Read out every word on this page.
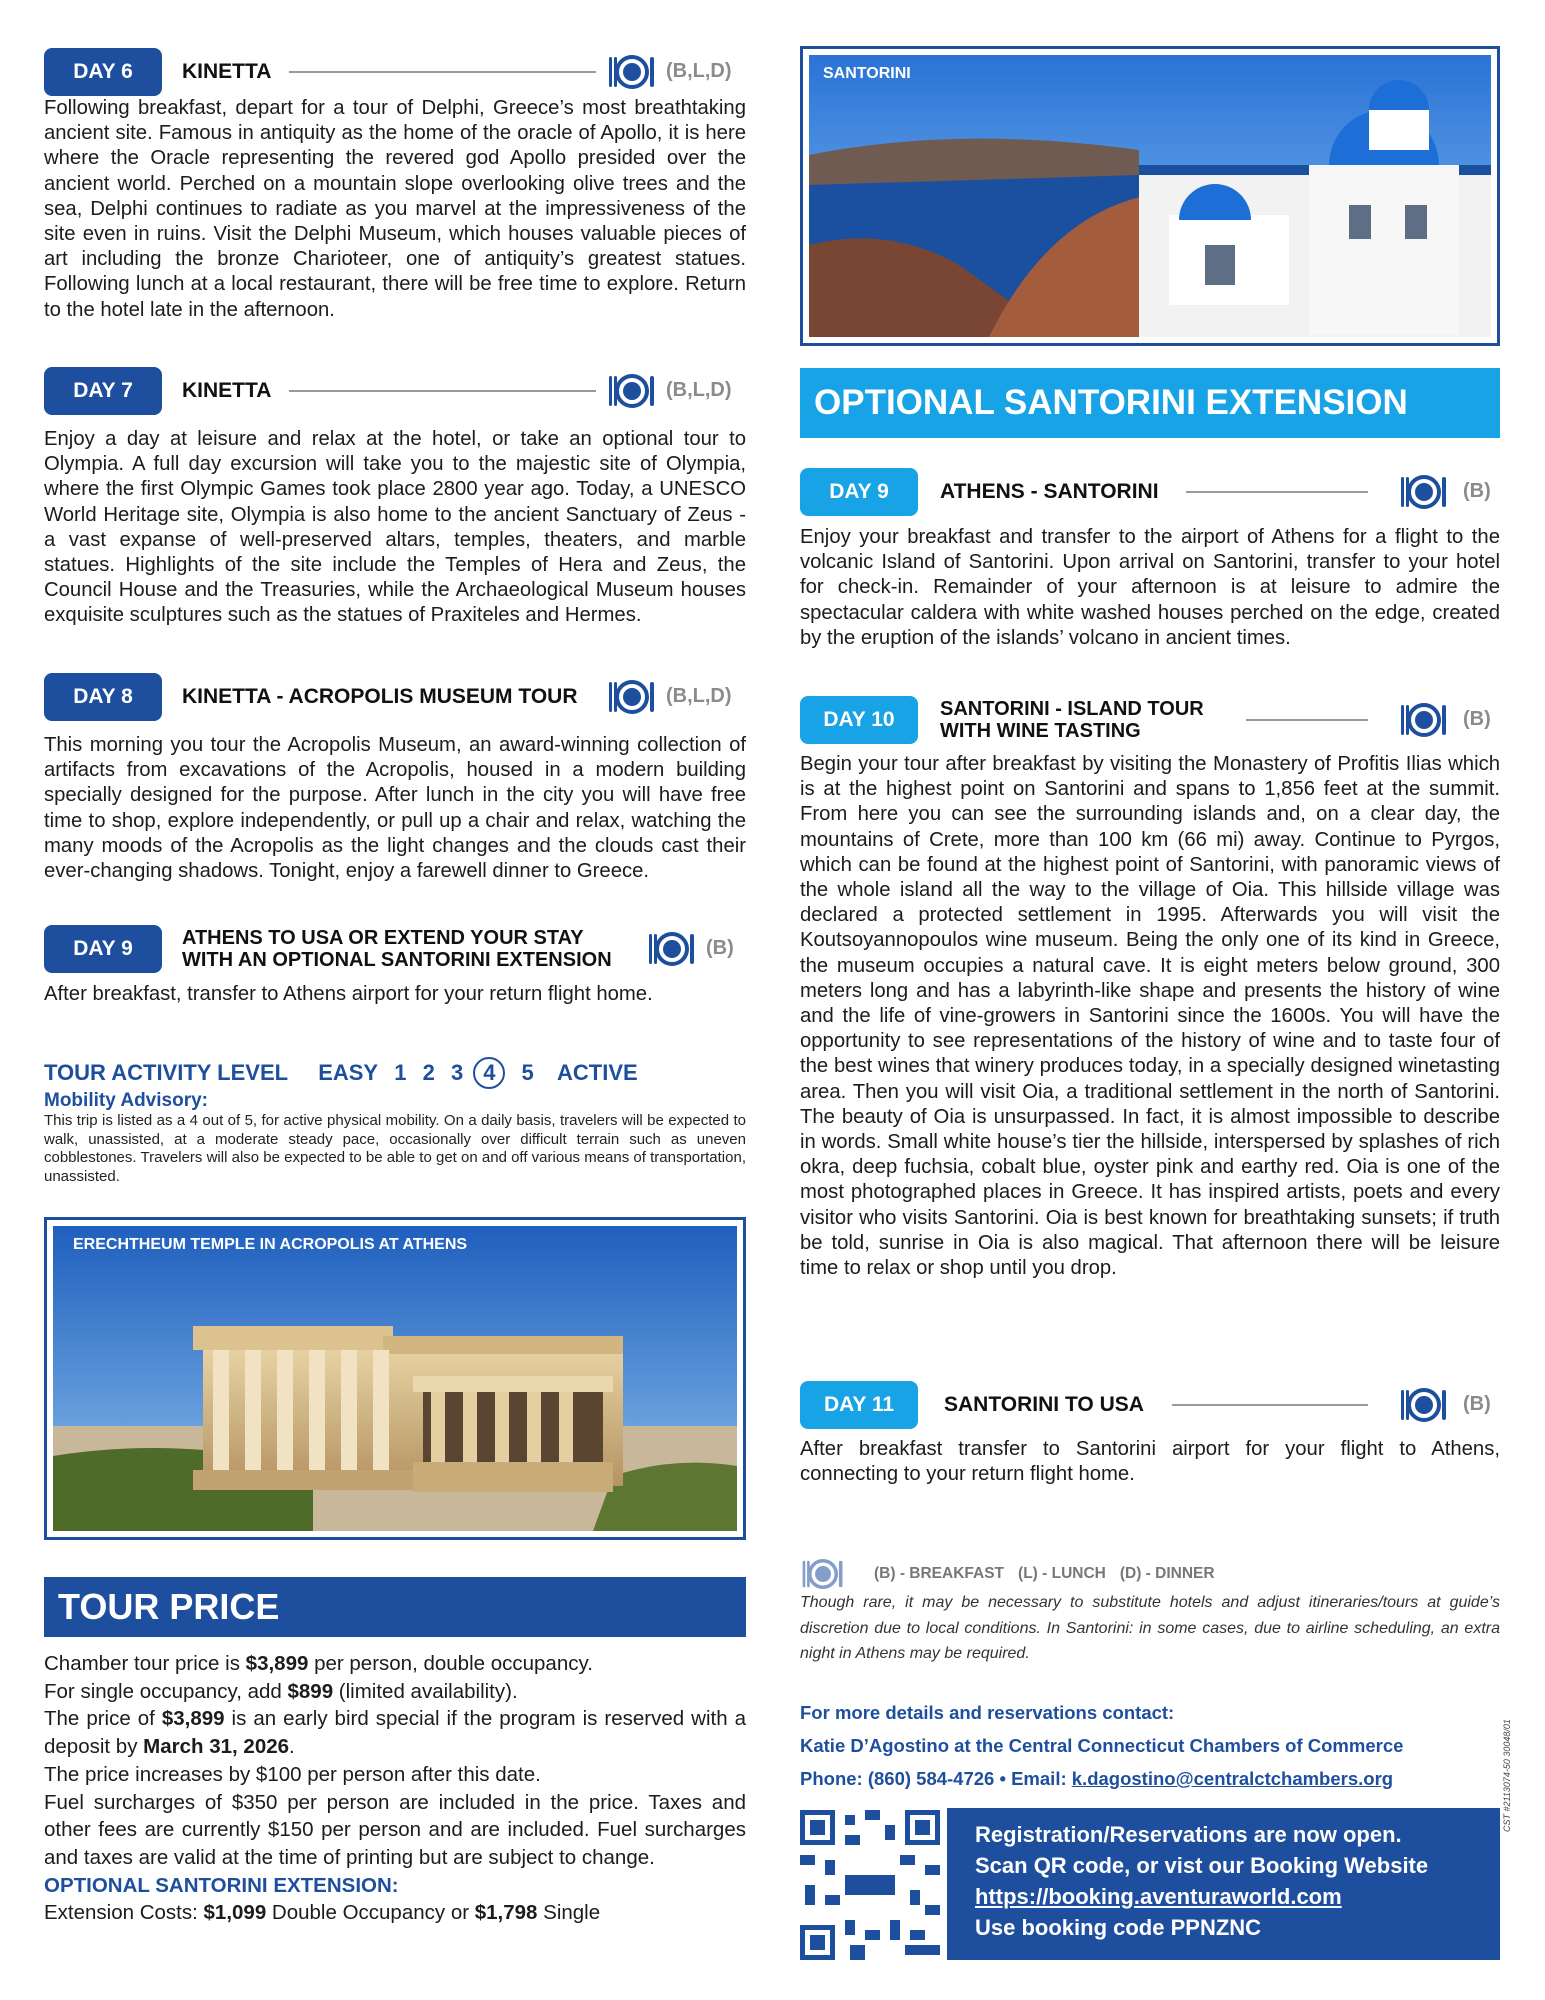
DAY 6	KINETTA	(B,L,D)
Following breakfast, depart for a tour of Delphi, Greece’s most breathtaking ancient site. Famous in antiquity as the home of the oracle of Apollo, it is here where the Oracle representing the revered god Apollo presided over the ancient world. Perched on a mountain slope overlooking olive trees and the sea, Delphi continues to radiate as you marvel at the impressiveness of the site even in ruins. Visit the Delphi Museum, which houses valuable pieces of art including the bronze Charioteer, one of antiquity’s greatest statues. Following lunch at a local restaurant, there will be free time to explore. Return to the hotel late in the afternoon.
DAY 7	KINETTA	(B,L,D)
Enjoy a day at leisure and relax at the hotel, or take an optional tour to Olympia. A full day excursion will take you to the majestic site of Olympia, where the first Olympic Games took place 2800 year ago. Today, a UNESCO World Heritage site, Olympia is also home to the ancient Sanctuary of Zeus - a vast expanse of well-preserved altars, temples, theaters, and marble statues. Highlights of the site include the Temples of Hera and Zeus, the Council House and the Treasuries, while the Archaeological Museum houses exquisite sculptures such as the statues of Praxiteles and Hermes.
DAY 8	KINETTA - ACROPOLIS MUSEUM TOUR	(B,L,D)
This morning you tour the Acropolis Museum, an award-winning collection of artifacts from excavations of the Acropolis, housed in a modern building specially designed for the purpose. After lunch in the city you will have free time to shop, explore independently, or pull up a chair and relax, watching the many moods of the Acropolis as the light changes and the clouds cast their ever-changing shadows. Tonight, enjoy a farewell dinner to Greece.
DAY 9	ATHENS TO USA OR EXTEND YOUR STAY
WITH AN OPTIONAL SANTORINI EXTENSION
(B)
After breakfast, transfer to Athens airport for your return flight home.
TOUR ACTIVITY LEVEL EASY 1 2 3 4 5 ACTIVE
Mobility Advisory:
This trip is listed as a 4 out of 5, for active physical mobility. On a daily basis, travelers will be expected to walk, unassisted, at a moderate steady pace, occasionally over difficult terrain such as uneven cobblestones. Travelers will also be expected to be able to get on and off various means of transportation, unassisted.
ERECHTHEUM TEMPLE IN ACROPOLIS AT ATHENS
TOUR PRICE

Chamber tour price is $3,899 per person, double occupancy.

For single occupancy, add $899 (limited availability).

The price of $3,899 is an early bird special if the program is reserved with a deposit by March 31, 2026.

The price increases by $100 per person after this date.

Fuel surcharges of $350 per person are included in the price. Taxes and other fees are currently $150 per person and are included. Fuel surcharges and taxes are valid at the time of printing but are subject to change.

OPTIONAL SANTORINI EXTENSION:

Extension Costs: $1,099 Double Occupancy or $1,798 Single

SANTORINI
OPTIONAL SANTORINI EXTENSION
DAY 9	ATHENS - SANTORINI	(B)
Enjoy your breakfast and transfer to the airport of Athens for a flight to the volcanic Island of Santorini. Upon arrival on Santorini, transfer to your hotel for check-in. Remainder of your afternoon is at leisure to admire the spectacular caldera with white washed houses perched on the edge, created by the eruption of the islands’ volcano in ancient times.
DAY 10	SANTORINI - ISLAND TOUR
WITH WINE TASTING
(B)
Begin your tour after breakfast by visiting the Monastery of Profitis Ilias which is at the highest point on Santorini and spans to 1,856 feet at the summit. From here you can see the surrounding islands and, on a clear day, the mountains of Crete, more than 100 km (66 mi) away. Continue to Pyrgos, which can be found at the highest point of Santorini, with panoramic views of the whole island all the way to the village of Oia. This hillside village was declared a protected settlement in 1995. Afterwards you will visit the Koutsoyannopoulos wine museum. Being the only one of its kind in Greece, the museum occupies a natural cave. It is eight meters below ground, 300 meters long and has a labyrinth-like shape and presents the history of wine and the life of vine-growers in Santorini since the 1600s. You will have the opportunity to see representations of the history of wine and to taste four of the best wines that winery produces today, in a specially designed winetasting area. Then you will visit Oia, a traditional settlement in the north of Santorini. The beauty of Oia is unsurpassed. In fact, it is almost impossible to describe in words. Small white house’s tier the hillside, interspersed by splashes of rich okra, deep fuchsia, cobalt blue, oyster pink and earthy red. Oia is one of the most photographed places in Greece. It has inspired artists, poets and every visitor who visits Santorini. Oia is best known for breathtaking sunsets; if truth be told, sunrise in Oia is also magical. That afternoon there will be leisure time to relax or shop until you drop.
DAY 11	SANTORINI TO USA	(B)
After breakfast transfer to Santorini airport for your flight to Athens, connecting to your return flight home.
(B) - BREAKFAST (L) - LUNCH (D) - DINNER
Though rare, it may be necessary to substitute hotels and adjust itineraries/tours at guide’s discretion due to local conditions. In Santorini: in some cases, due to airline scheduling, an extra night in Athens may be required.
For more details and reservations contact:
Katie D’Agostino at the Central Connecticut Chambers of Commerce
Phone: (860) 584-4726 • Email: k.dagostino@centralctchambers.org
Registration/Reservations are now open.
Scan QR code, or vist our Booking Website
https://booking.aventuraworld.com
Use booking code PPNZNC
CST #2113074-50 30048/01
